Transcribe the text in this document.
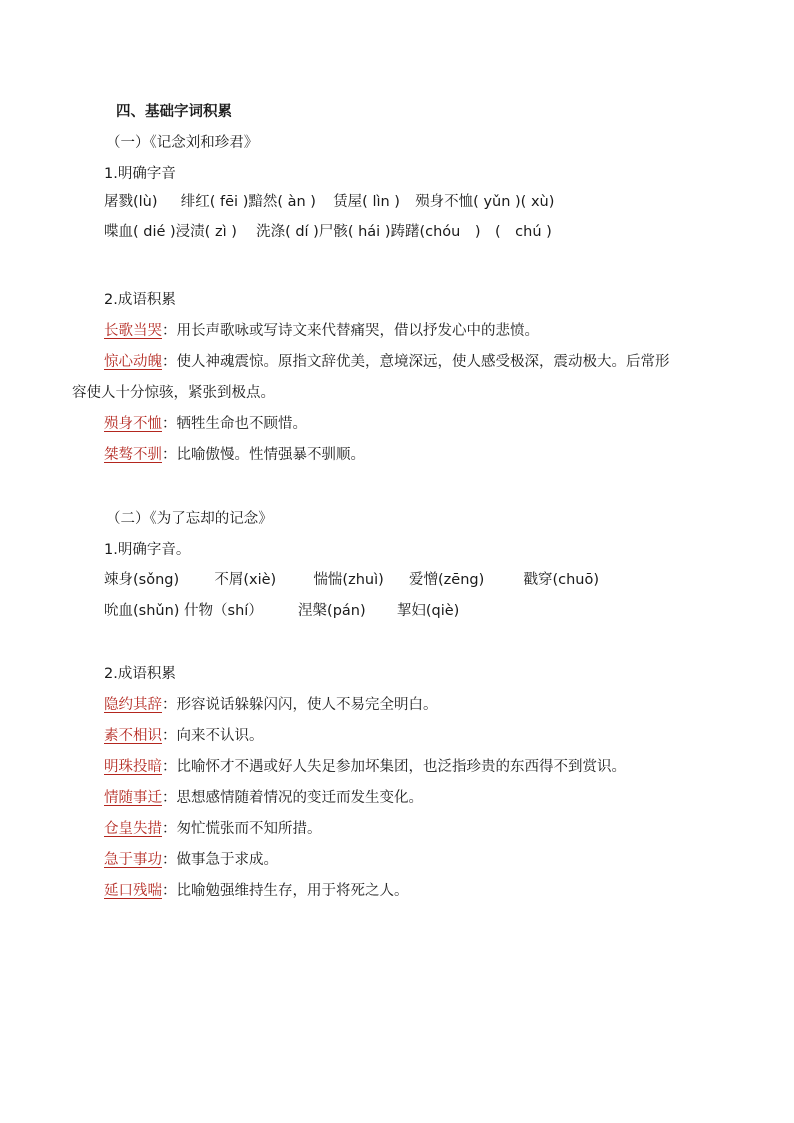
四、基础字词积累
（一）《记念刘和珍君》
1.明确字音
屠戮(lù) 绯红( fēi )黯然( àn ) 赁屋( lìn ) 殒身不恤( yǔn )( xù)
喋血( dié )浸渍( zì ) 洗涤( dí )尸骸( hái )踌躇(chóu　)　(　chú )
2.成语积累
长歌当哭：用长声歌咏或写诗文来代替痛哭，借以抒发心中的悲愤。
惊心动魄：使人神魂震惊。原指文辞优美，意境深远，使人感受极深，震动极大。后常形
容使人十分惊骇，紧张到极点。
殒身不恤：牺牲生命也不顾惜。
桀骜不驯：比喻傲慢。性情强暴不驯顺。
（二）《为了忘却的记念》
1.明确字音。
竦身(sǒng) 不屑(xiè)	惴惴(zhuì) 爱憎(zēng)	戳穿(chuō)
吮血(shǔn) 什物（shí） 涅槃(pán) 挈妇(qiè)
2.成语积累
隐约其辞：形容说话躲躲闪闪，使人不易完全明白。
素不相识：向来不认识。
明珠投暗：比喻怀才不遇或好人失足参加坏集团，也泛指珍贵的东西得不到赏识。
情随事迁：思想感情随着情况的变迁而发生变化。
仓皇失措：匆忙慌张而不知所措。
急于事功：做事急于求成。
延口残喘：比喻勉强维持生存，用于将死之人。
